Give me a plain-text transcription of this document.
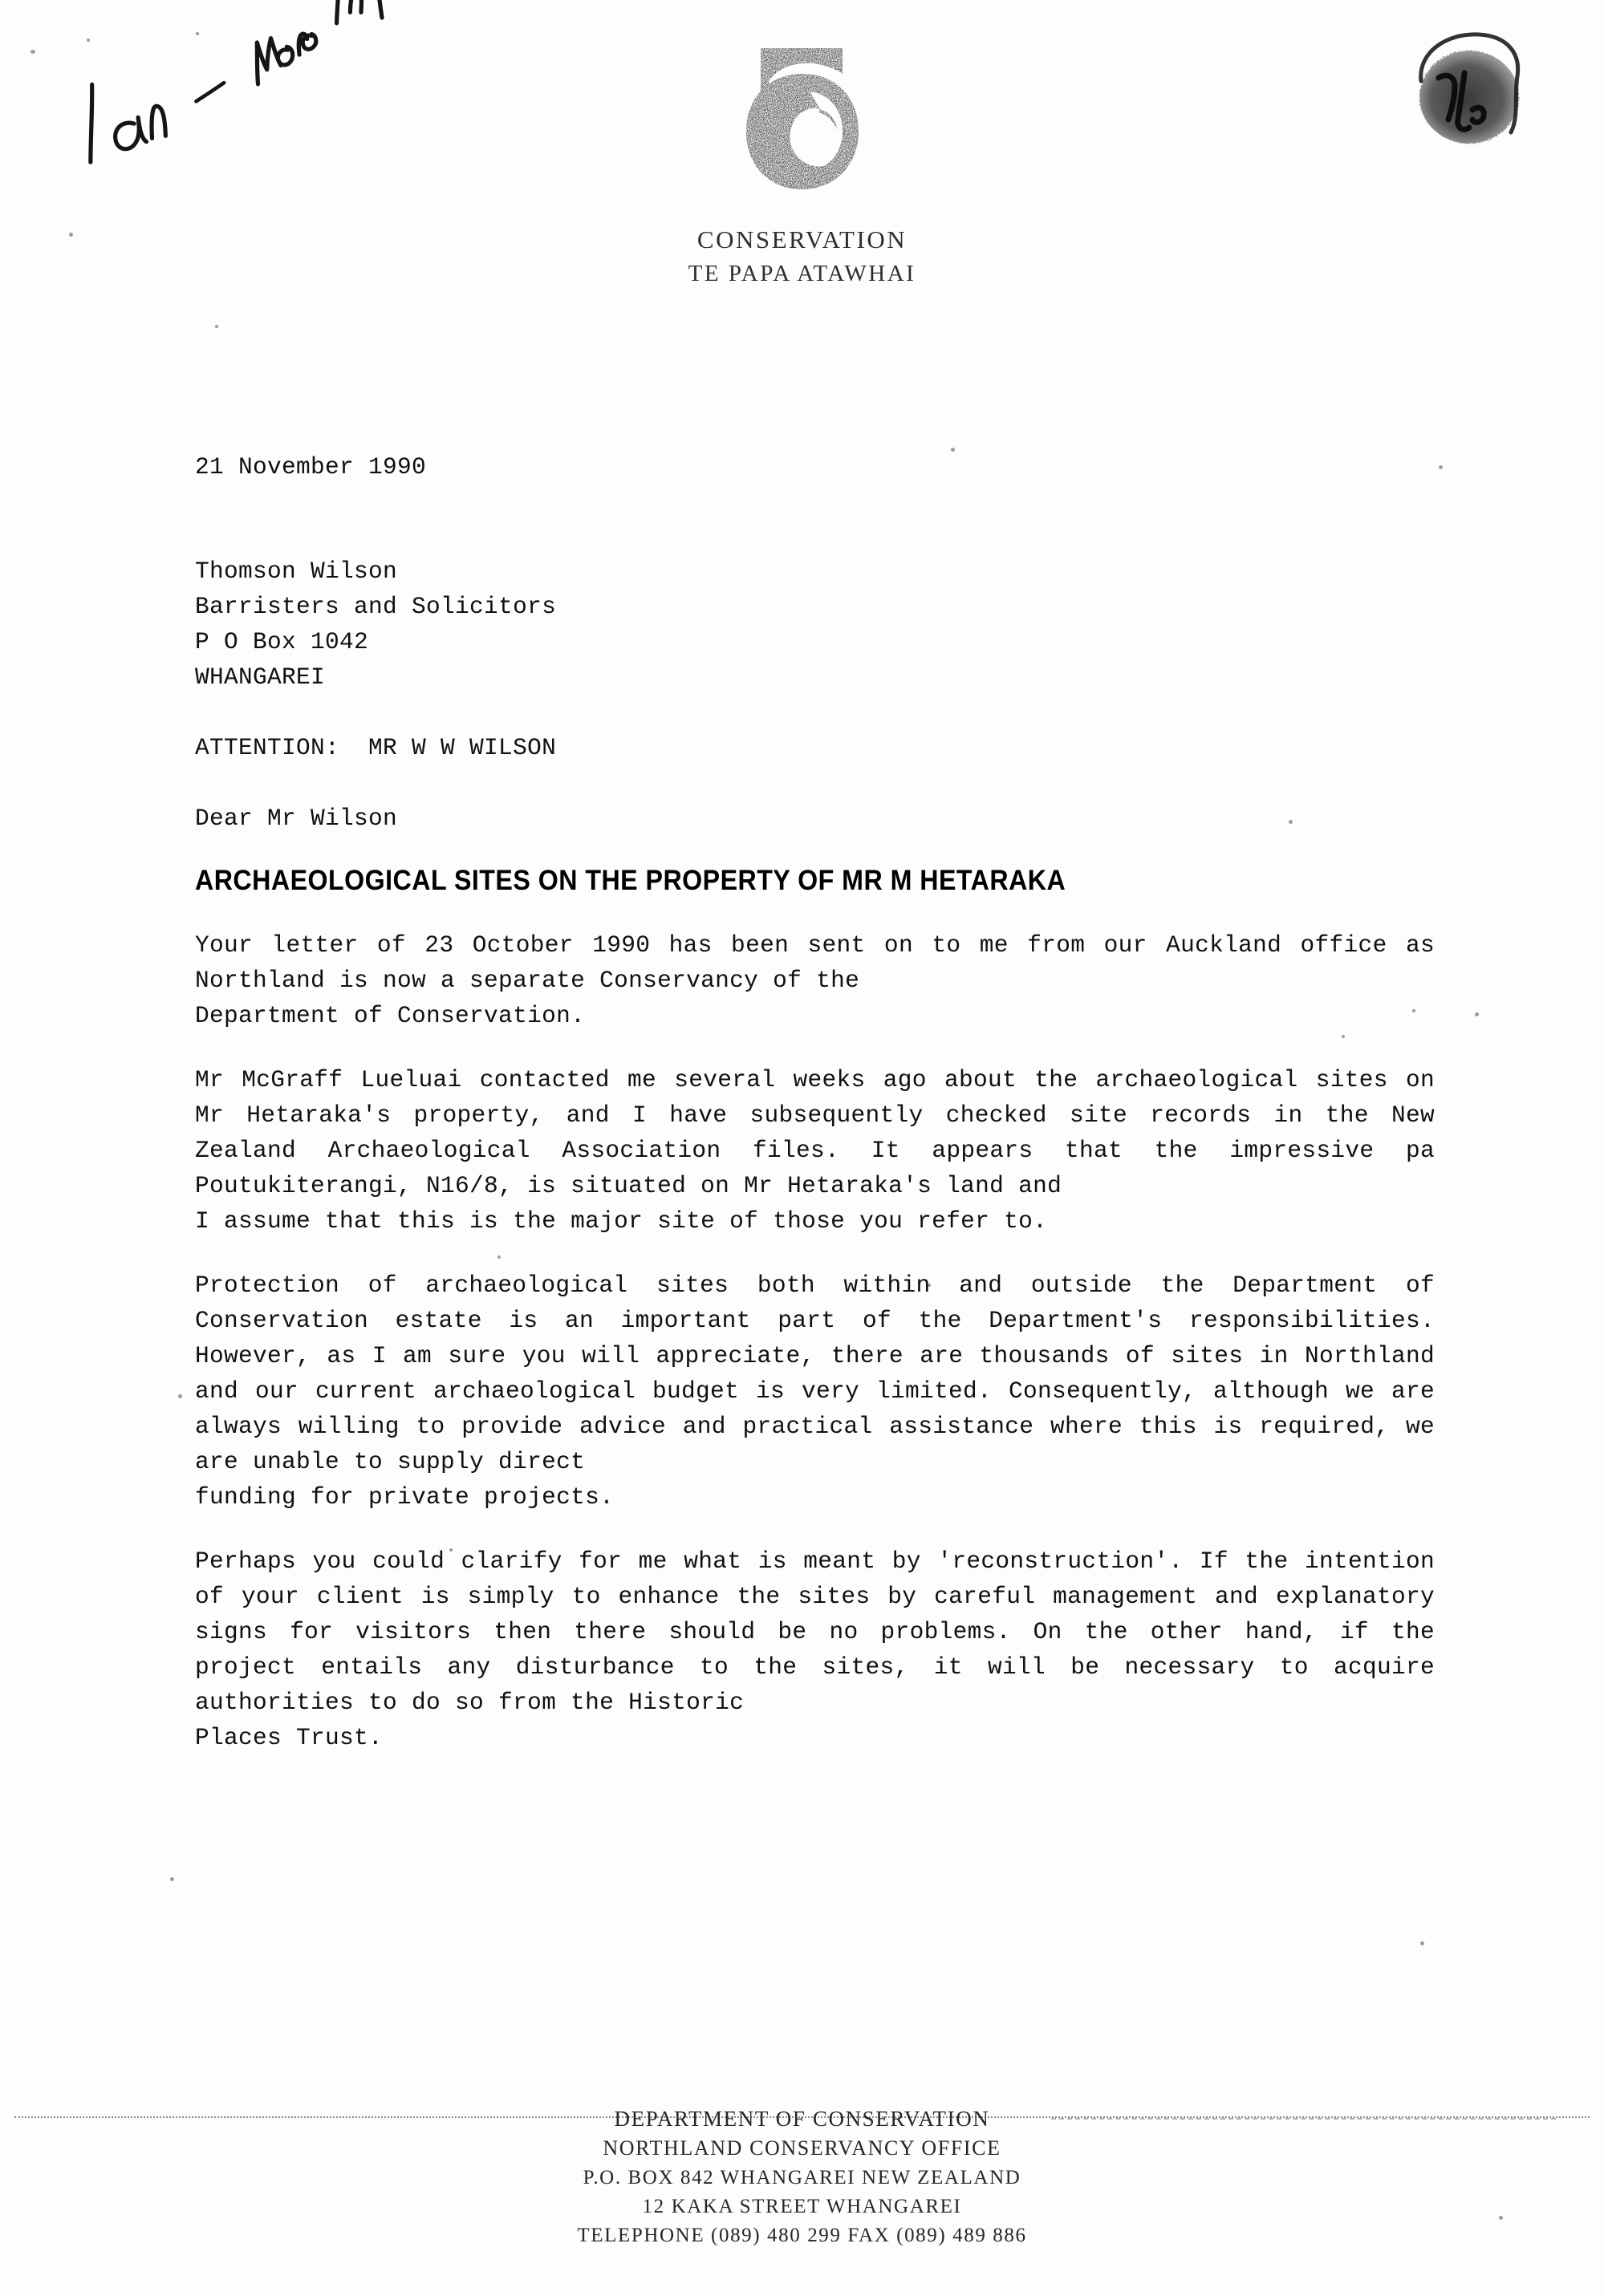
CONSERVATION
TE PAPA ATAWHAI

21 November 1990

Thomson Wilson
Barristers and Solicitors
P O Box 1042
WHANGAREI

ATTENTION:  MR W W WILSON

Dear Mr Wilson

ARCHAEOLOGICAL SITES ON THE PROPERTY OF MR M HETARAKA

Your letter of 23 October 1990 has been sent on to me from our Auckland office as Northland is now a separate Conservancy of the
Department of Conservation.

Mr McGraff Lueluai contacted me several weeks ago about the archaeological sites on Mr Hetaraka's property, and I have subsequently checked site records in the New Zealand Archaeological Association files. It appears that the impressive pa Poutukiterangi, N16/8, is situated on Mr Hetaraka's land and
I assume that this is the major site of those you refer to.

Protection of archaeological sites both within and outside the Department of Conservation estate is an important part of the Department's responsibilities. However, as I am sure you will appreciate, there are thousands of sites in Northland and our current archaeological budget is very limited. Consequently, although we are always willing to provide advice and practical assistance where this is required, we are unable to supply direct
funding for private projects.

Perhaps you could clarify for me what is meant by 'reconstruction'. If the intention of your client is simply to enhance the sites by careful management and explanatory signs for visitors then there should be no problems. On the other hand, if the project entails any disturbance to the sites, it will be necessary to acquire authorities to do so from the Historic
Places Trust.

DEPARTMENT OF CONSERVATION
NORTHLAND CONSERVANCY OFFICE
P.O. BOX 842 WHANGAREI NEW ZEALAND
12 KAKA STREET WHANGAREI
TELEPHONE (089) 480 299 FAX (089) 489 886
